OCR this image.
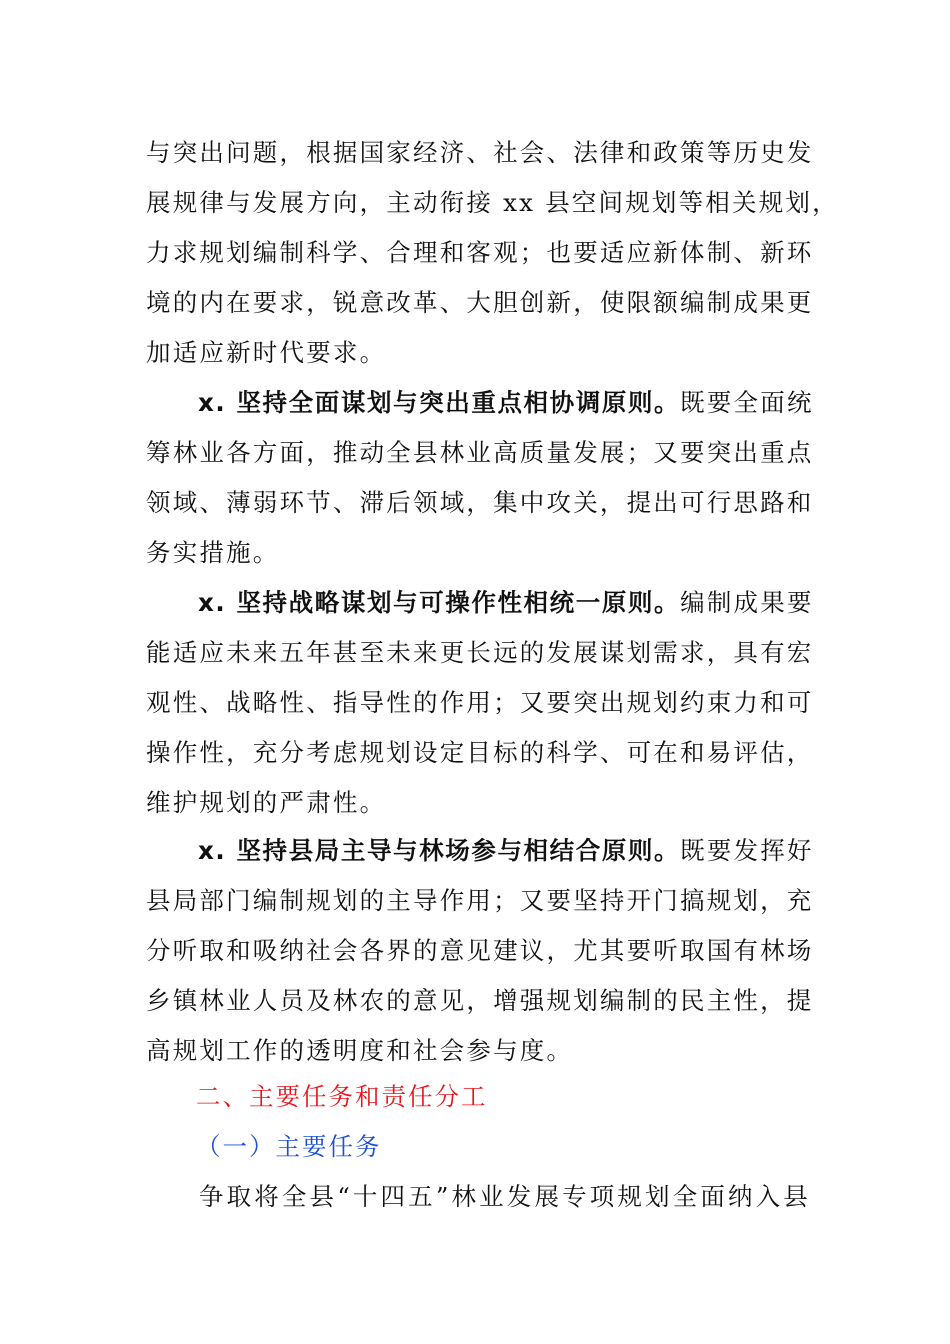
与突出问题，根据国家经济、社会、法律和政策等历史发
展规律与发展方向，主动衔接 xx 县空间规划等相关规划，
力求规划编制科学、合理和客观；也要适应新体制、新环
境的内在要求，锐意改革、大胆创新，使限额编制成果更
加适应新时代要求。
x. 坚持全面谋划与突出重点相协调原则。既要全面统
筹林业各方面，推动全县林业高质量发展；又要突出重点
领域、薄弱环节、滞后领域，集中攻关，提出可行思路和
务实措施。
x. 坚持战略谋划与可操作性相统一原则。编制成果要
能适应未来五年甚至未来更长远的发展谋划需求，具有宏
观性、战略性、指导性的作用；又要突出规划约束力和可
操作性，充分考虑规划设定目标的科学、可在和易评估，
维护规划的严肃性。
x. 坚持县局主导与林场参与相结合原则。既要发挥好
县局部门编制规划的主导作用；又要坚持开门搞规划，充
分听取和吸纳社会各界的意见建议，尤其要听取国有林场
乡镇林业人员及林农的意见，增强规划编制的民主性，提
高规划工作的透明度和社会参与度。
二、主要任务和责任分工
（一）主要任务
争取将全县“十四五”林业发展专项规划全面纳入县
